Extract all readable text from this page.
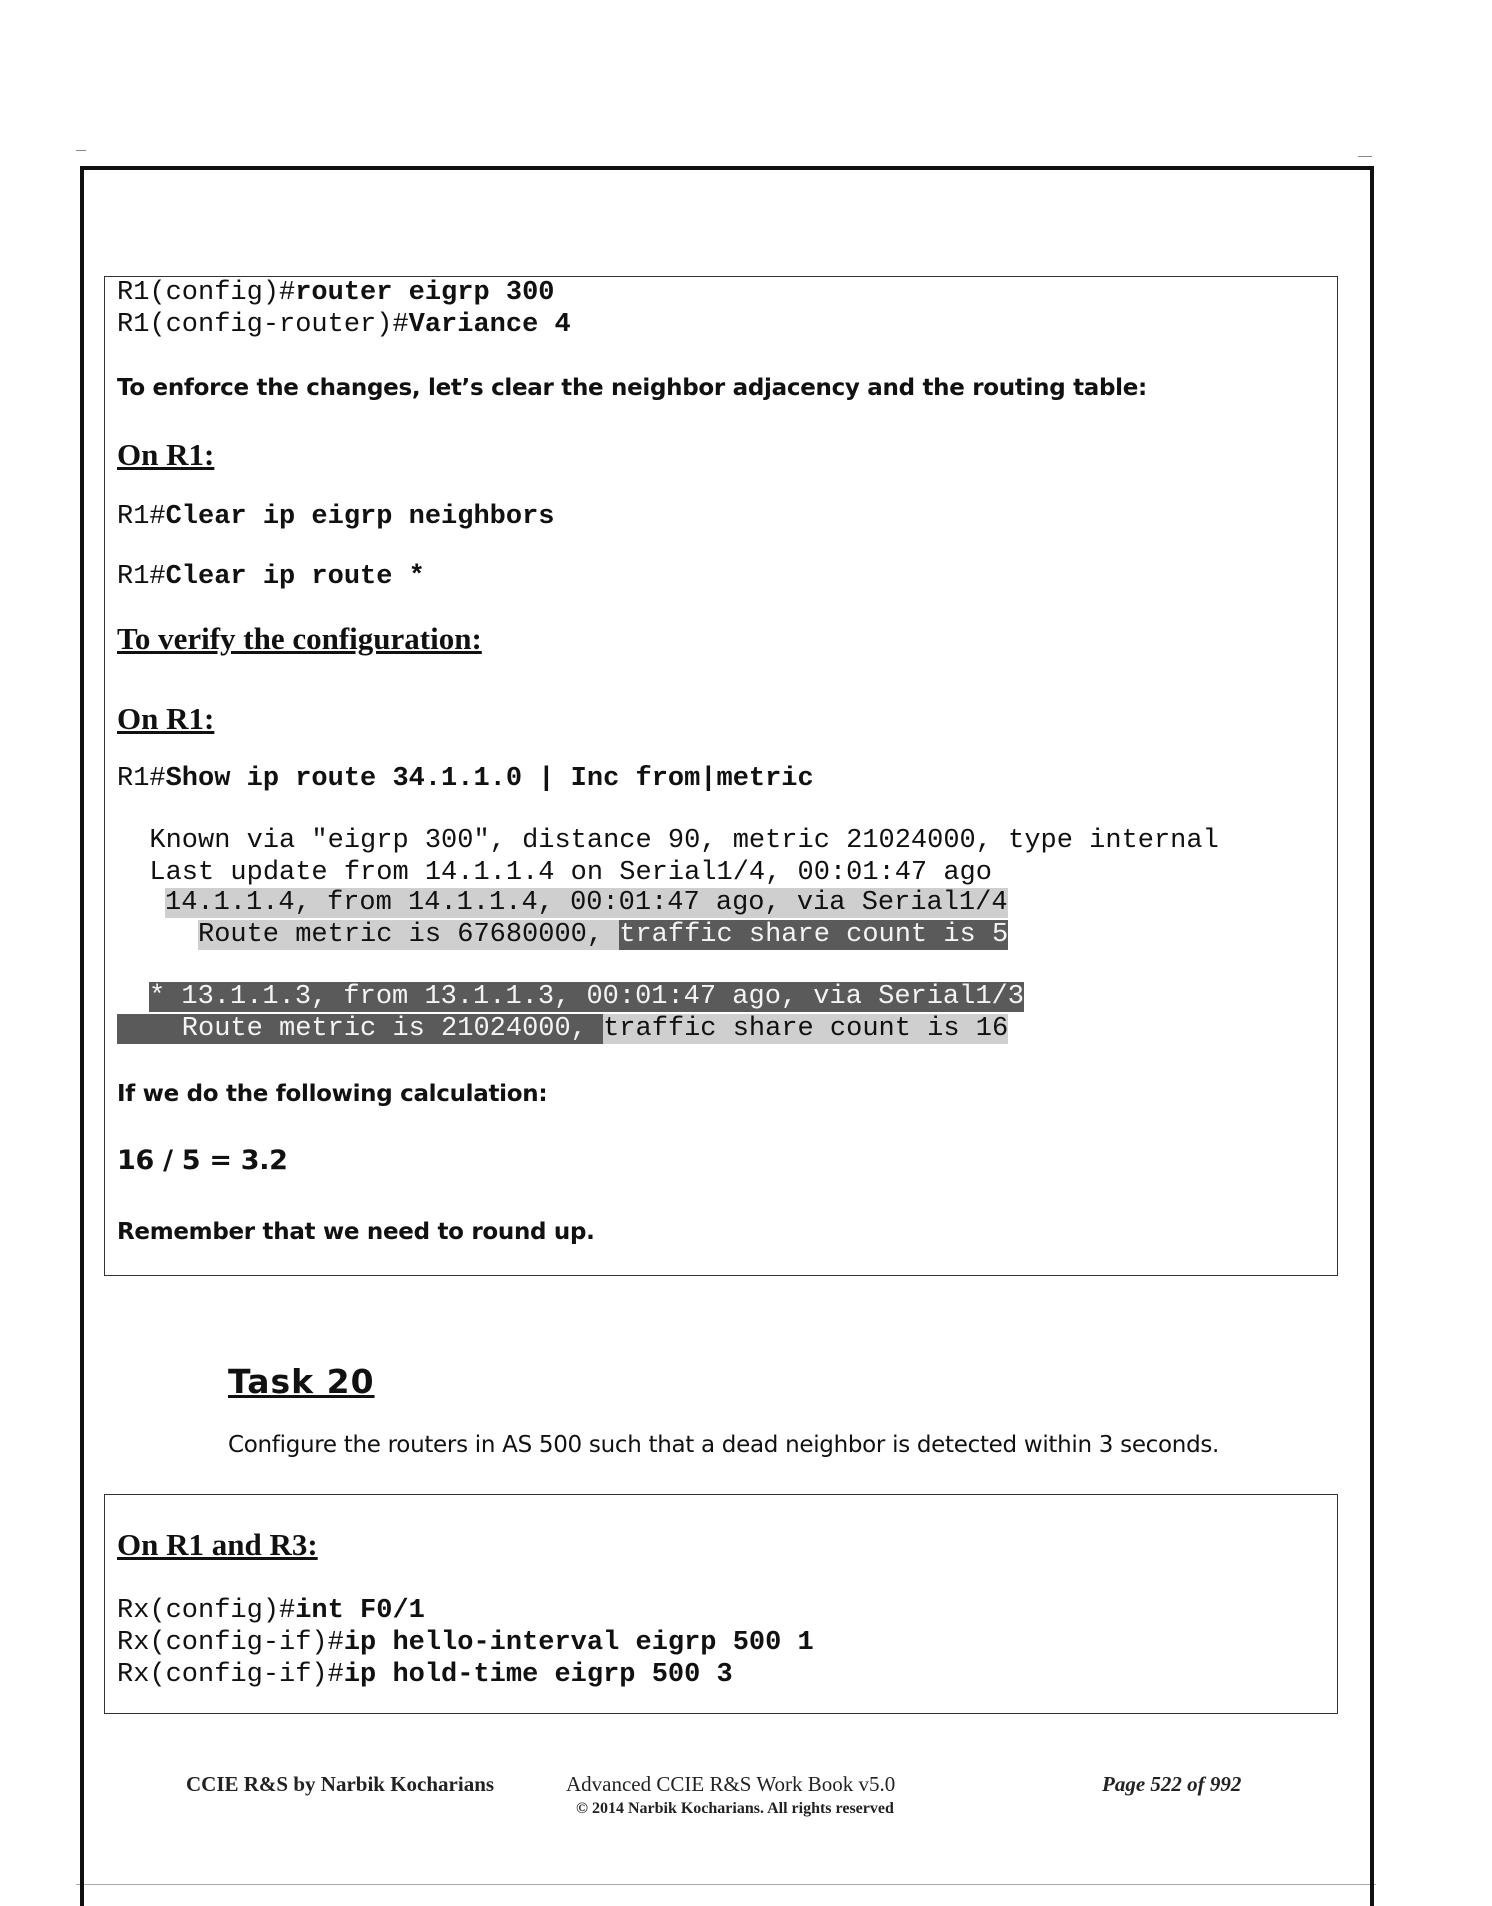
R1(config)#router eigrp 300
R1(config-router)#Variance 4
To enforce the changes, let’s clear the neighbor adjacency and the routing table:
On R1:
R1#Clear ip eigrp neighbors
R1#Clear ip route *
To verify the configuration:
On R1:
R1#Show ip route 34.1.1.0 | Inc from|metric
Known via "eigrp 300", distance 90, metric 21024000, type internal
Last update from 14.1.1.4 on Serial1/4, 00:01:47 ago
14.1.1.4, from 14.1.1.4, 00:01:47 ago, via Serial1/4
Route metric is 67680000, traffic share count is 5
* 13.1.1.3, from 13.1.1.3, 00:01:47 ago, via Serial1/3
Route metric is 21024000, traffic share count is 16
If we do the following calculation:
16 / 5 = 3.2
Remember that we need to round up.
Task 20
Configure the routers in AS 500 such that a dead neighbor is detected within 3 seconds.
On R1 and R3:
Rx(config)#int F0/1
Rx(config-if)#ip hello-interval eigrp 500 1
Rx(config-if)#ip hold-time eigrp 500 3
CCIE R&S by Narbik Kocharians	Advanced CCIE R&S Work Book v5.0
© 2014 Narbik Kocharians. All rights reserved
Page 522 of 992
